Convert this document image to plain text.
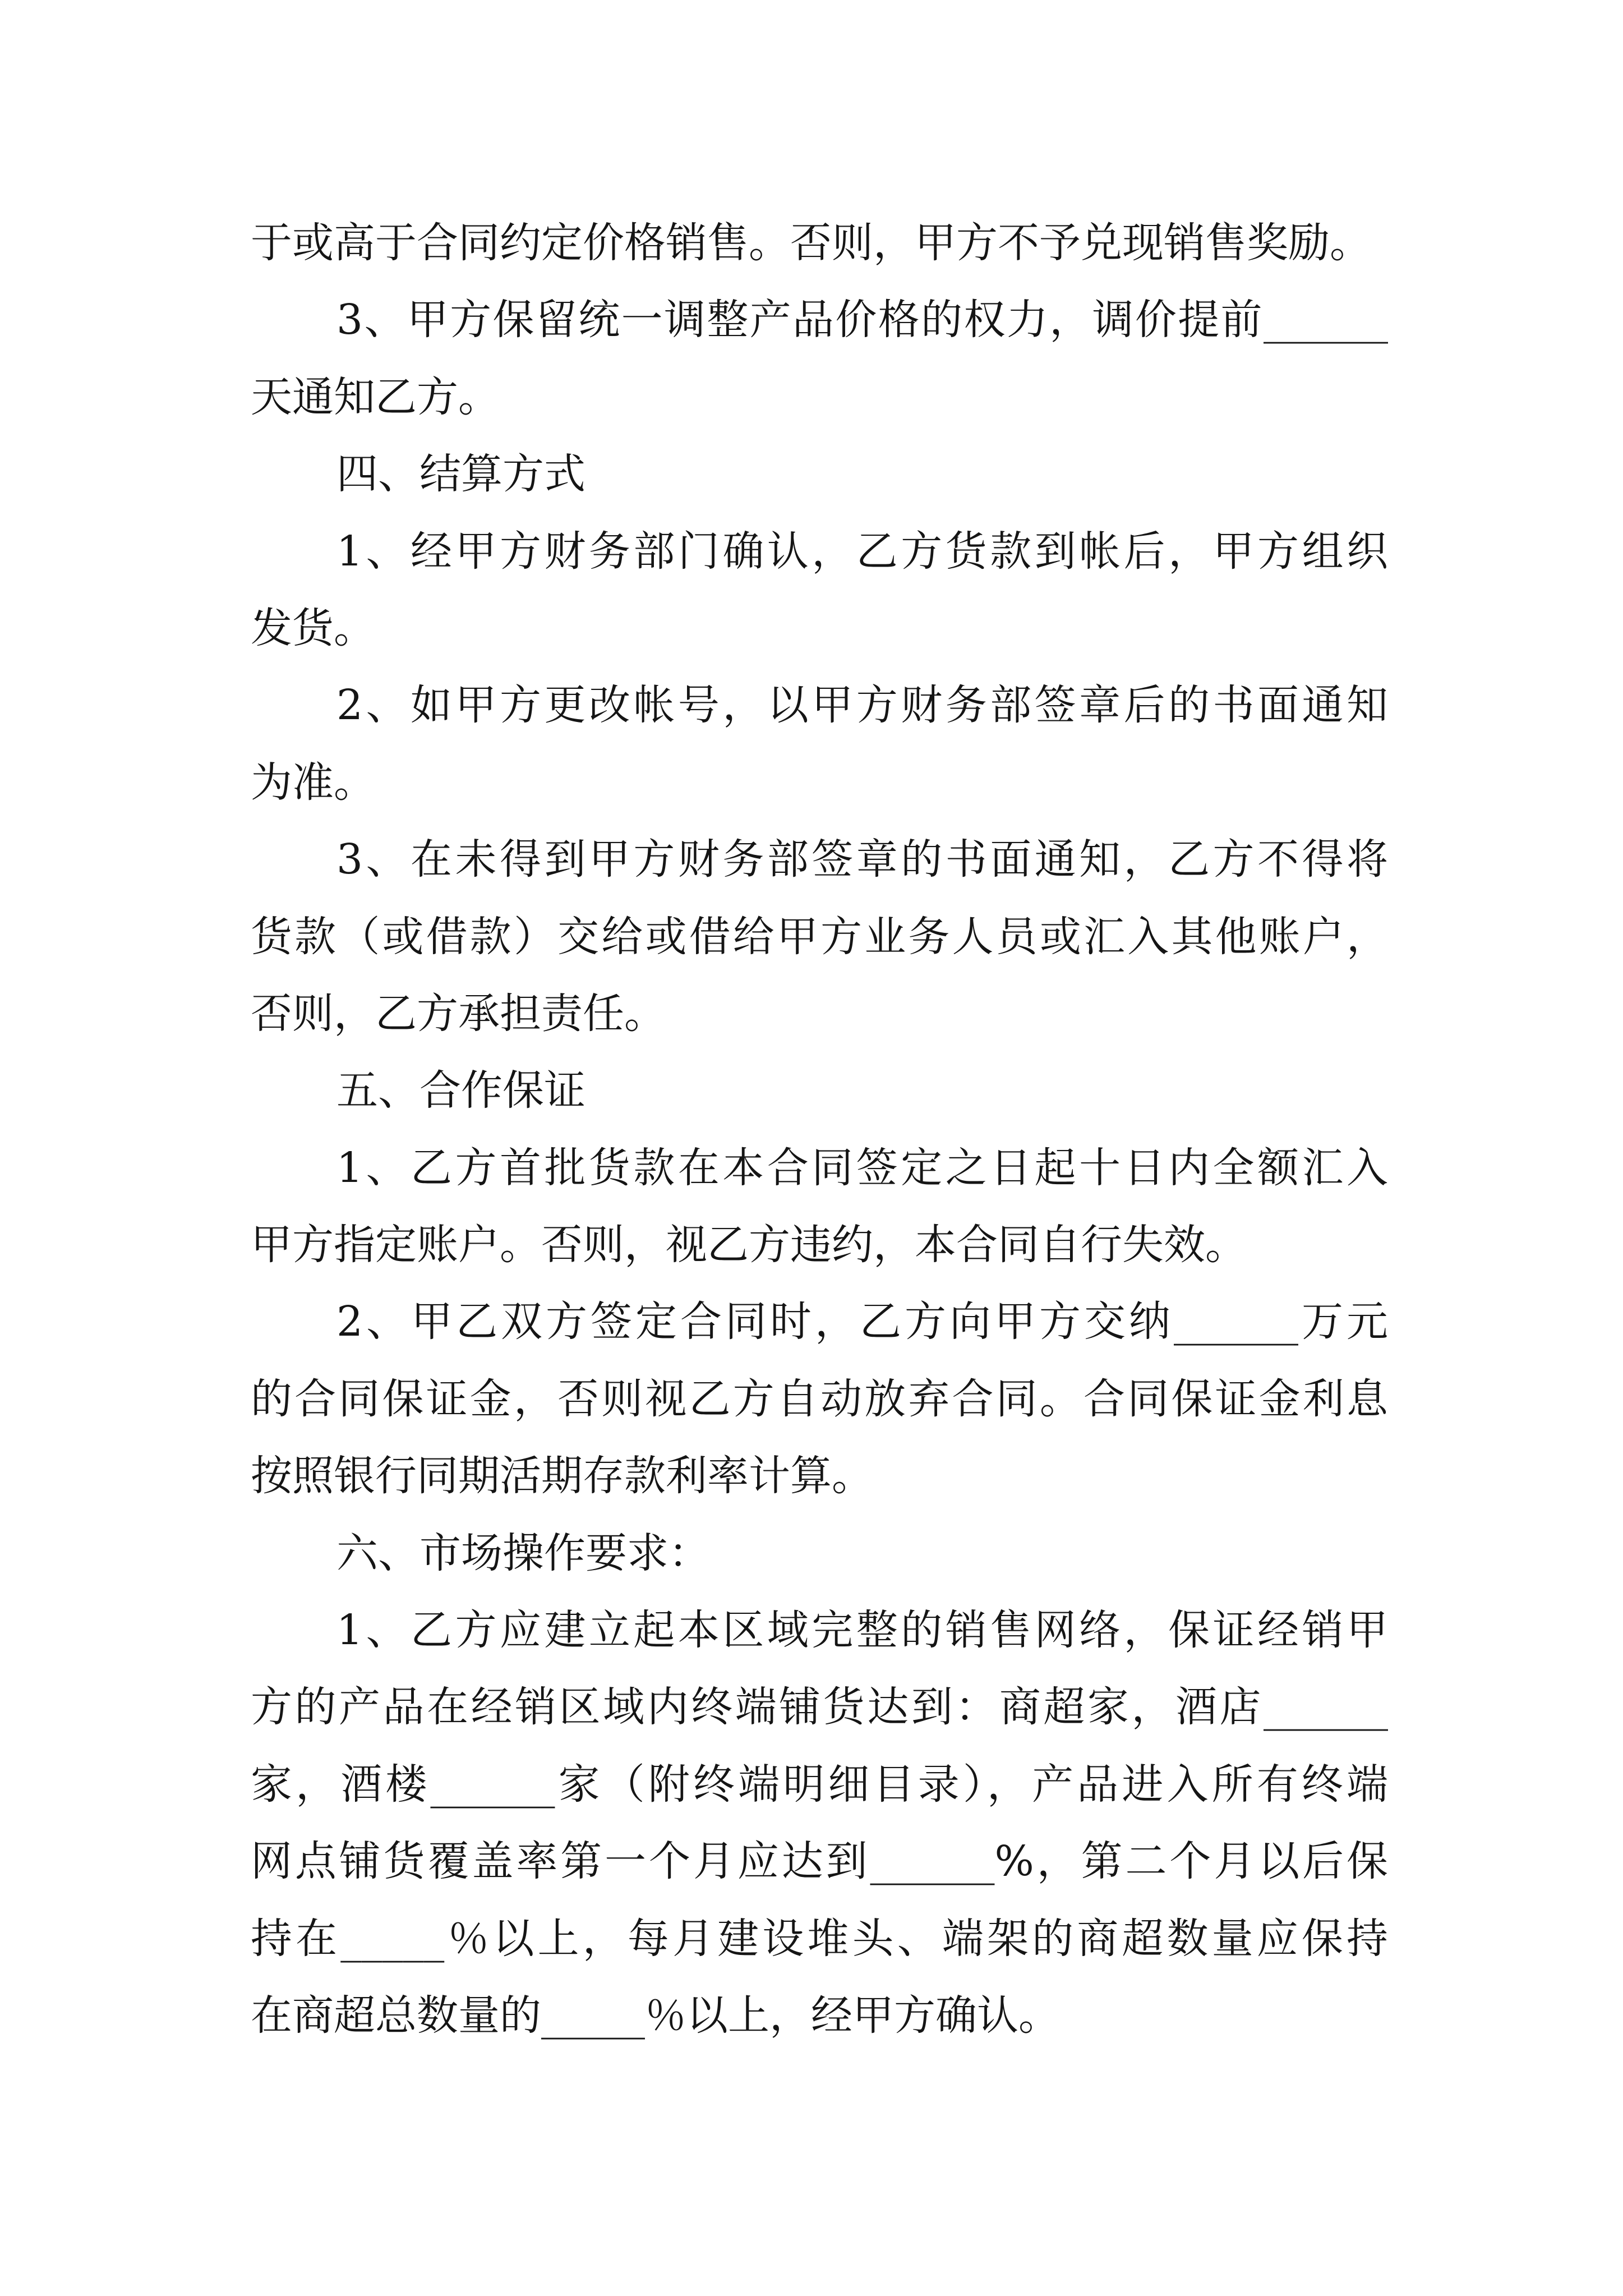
于或高于合同约定价格销售。否则，甲方不予兑现销售奖励。
3、甲方保留统一调整产品价格的权力，调价提前______
天通知乙方。
四、结算方式
1、经甲方财务部门确认，乙方货款到帐后，甲方组织
发货。
2、如甲方更改帐号，以甲方财务部签章后的书面通知
为准。
3、在未得到甲方财务部签章的书面通知，乙方不得将
货款（或借款）交给或借给甲方业务人员或汇入其他账户，
否则，乙方承担责任。
五、合作保证
1、乙方首批货款在本合同签定之日起十日内全额汇入
甲方指定账户。否则，视乙方违约，本合同自行失效。
2、甲乙双方签定合同时，乙方向甲方交纳______万元
的合同保证金，否则视乙方自动放弃合同。合同保证金利息
按照银行同期活期存款利率计算。
六、市场操作要求：
1、乙方应建立起本区域完整的销售网络，保证经销甲
方的产品在经销区域内终端铺货达到：商超家，酒店______
家，酒楼______家（附终端明细目录），产品进入所有终端
网点铺货覆盖率第一个月应达到______%，第二个月以后保
持在_____％以上，每月建设堆头、端架的商超数量应保持
在商超总数量的_____％以上，经甲方确认。
